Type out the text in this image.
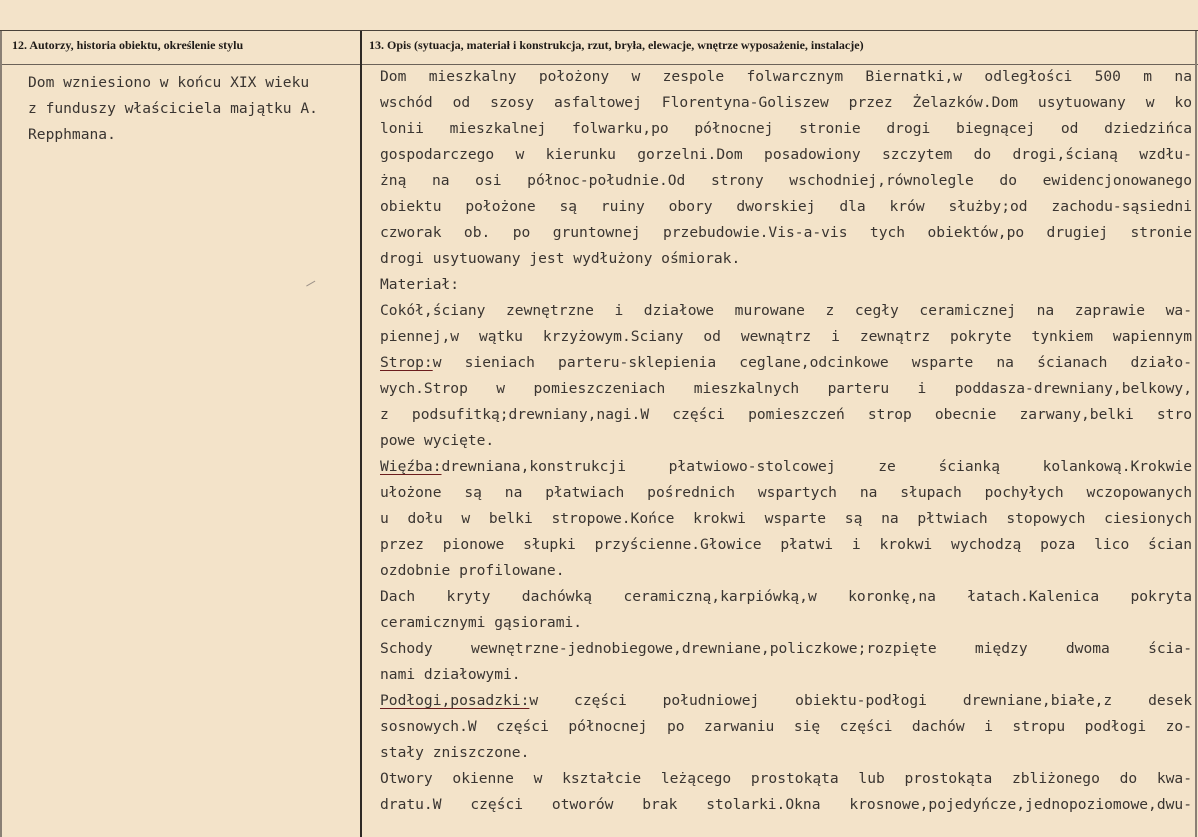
12. Autorzy, historia obiektu, określenie stylu	13. Opis (sytuacja, materiał i konstrukcja, rzut, bryła, elewacje, wnętrze wyposażenie, instalacje)
Dom wzniesiono w końcu XIX wieku
z funduszy właściciela majątku A.
Repphmana.
Dom mieszkalny położony w zespole folwarcznym Biernatki,w odległości 500 m na
wschód od szosy asfaltowej Florentyna-Goliszew przez Żelazków.Dom usytuowany w ko
lonii mieszkalnej folwarku,po północnej stronie drogi biegnącej od dziedzińca
gospodarczego w kierunku gorzelni.Dom posadowiony szczytem do drogi,ścianą wzdłu-
żną na osi północ-południe.Od strony wschodniej,równolegle do ewidencjonowanego
obiektu położone są ruiny obory dworskiej dla krów służby;od zachodu-sąsiedni
czworak ob. po gruntownej przebudowie.Vis-a-vis tych obiektów,po drugiej stronie
drogi usytuowany jest wydłużony ośmiorak.
Materiał:
Cokół,ściany zewnętrzne i działowe murowane z cegły ceramicznej na zaprawie wa-
piennej,w wątku krzyżowym.Sciany od wewnątrz i zewnątrz pokryte tynkiem wapiennym
Strop:w sieniach parteru-sklepienia ceglane,odcinkowe wsparte na ścianach działo-
wych.Strop w pomieszczeniach mieszkalnych parteru i poddasza-drewniany,belkowy,
z podsufitką;drewniany,nagi.W części pomieszczeń strop obecnie zarwany,belki stro
powe wycięte.
Więźba:drewniana,konstrukcji płatwiowo-stolcowej ze ścianką kolankową.Krokwie
ułożone są na płatwiach pośrednich wspartych na słupach pochyłych wczopowanych
u dołu w belki stropowe.Końce krokwi wsparte są na płtwiach stopowych ciesionych
przez pionowe słupki przyścienne.Głowice płatwi i krokwi wychodzą poza lico ścian
ozdobnie profilowane.
Dach kryty dachówką ceramiczną,karpiówką,w koronkę,na łatach.Kalenica pokryta
ceramicznymi gąsiorami.
Schody wewnętrzne-jednobiegowe,drewniane,policzkowe;rozpięte między dwoma ścia-
nami działowymi.
Podłogi,posadzki:w części południowej obiektu-podłogi drewniane,białe,z desek
sosnowych.W części północnej po zarwaniu się części dachów i stropu podłogi zo-
stały zniszczone.
Otwory okienne w kształcie leżącego prostokąta lub prostokąta zbliżonego do kwa-
dratu.W części otworów brak stolarki.Okna krosnowe,pojedyńcze,jednopoziomowe,dwu-
